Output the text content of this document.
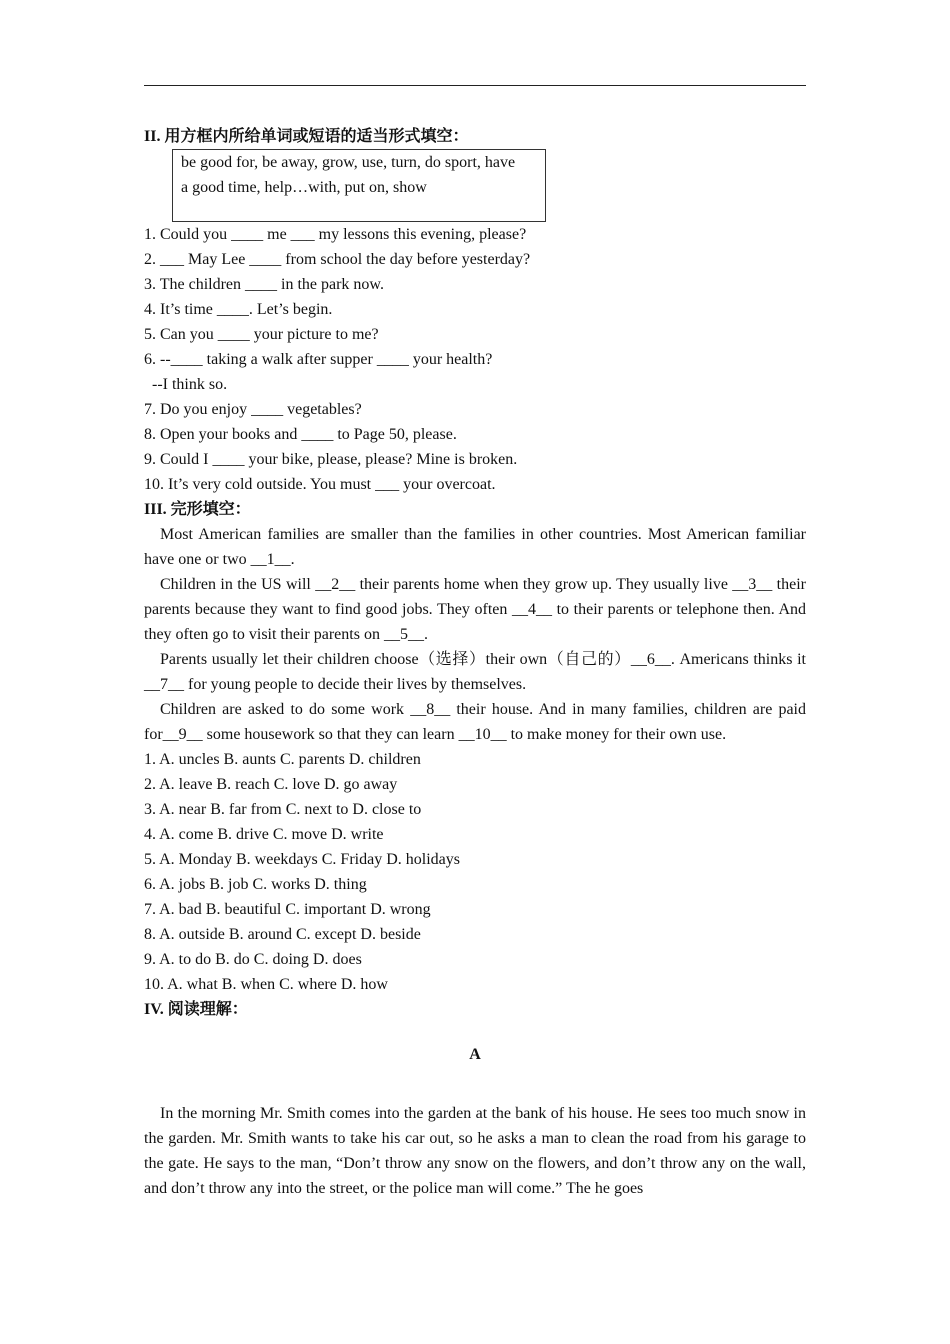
II. 用方框内所给单词或短语的适当形式填空：
be good for, be away, grow, use, turn, do sport, have
a good time, help…with, put on, show
1. Could you ____ me ___ my lessons this evening, please?
2. ___ May Lee ____ from school the day before yesterday?
3. The children ____ in the park now.
4. It’s time ____. Let’s begin.
5. Can you ____ your picture to me?
6. --____ taking a walk after supper ____ your health?
--I think so.
7. Do you enjoy ____ vegetables?
8. Open your books and ____ to Page 50, please.
9. Could I ____ your bike, please, please? Mine is broken.
10. It’s very cold outside. You must ___ your overcoat.
III. 完形填空：

Most American families are smaller than the families in other countries. Most American familiar have one or two __1__.

Children in the US will __2__ their parents home when they grow up. They usually live __3__ their parents because they want to find good jobs. They often __4__ to their parents or telephone then. And they often go to visit their parents on __5__.

Parents usually let their children choose（选择）their own（自己的）__6__. Americans thinks it __7__ for young people to decide their lives by themselves.

Children are asked to do some work __8__ their house. And in many families, children are paid for__9__ some housework so that they can learn __10__ to make money for their own use.

1. A. uncles B. aunts C. parents D. children
2. A. leave B. reach C. love D. go away
3. A. near B. far from C. next to D. close to
4. A. come B. drive C. move D. write
5. A. Monday B. weekdays C. Friday D. holidays
6. A. jobs B. job C. works D. thing
7. A. bad B. beautiful C. important D. wrong
8. A. outside B. around C. except D. beside
9. A. to do B. do C. doing D. does
10. A. what B. when C. where D. how
IV. 阅读理解：
A

In the morning Mr. Smith comes into the garden at the bank of his house. He sees too much snow in the garden. Mr. Smith wants to take his car out, so he asks a man to clean the road from his garage to the gate. He says to the man, “Don’t throw any snow on the flowers, and don’t throw any on the wall, and don’t throw any into the street, or the police man will come.” The he goes
